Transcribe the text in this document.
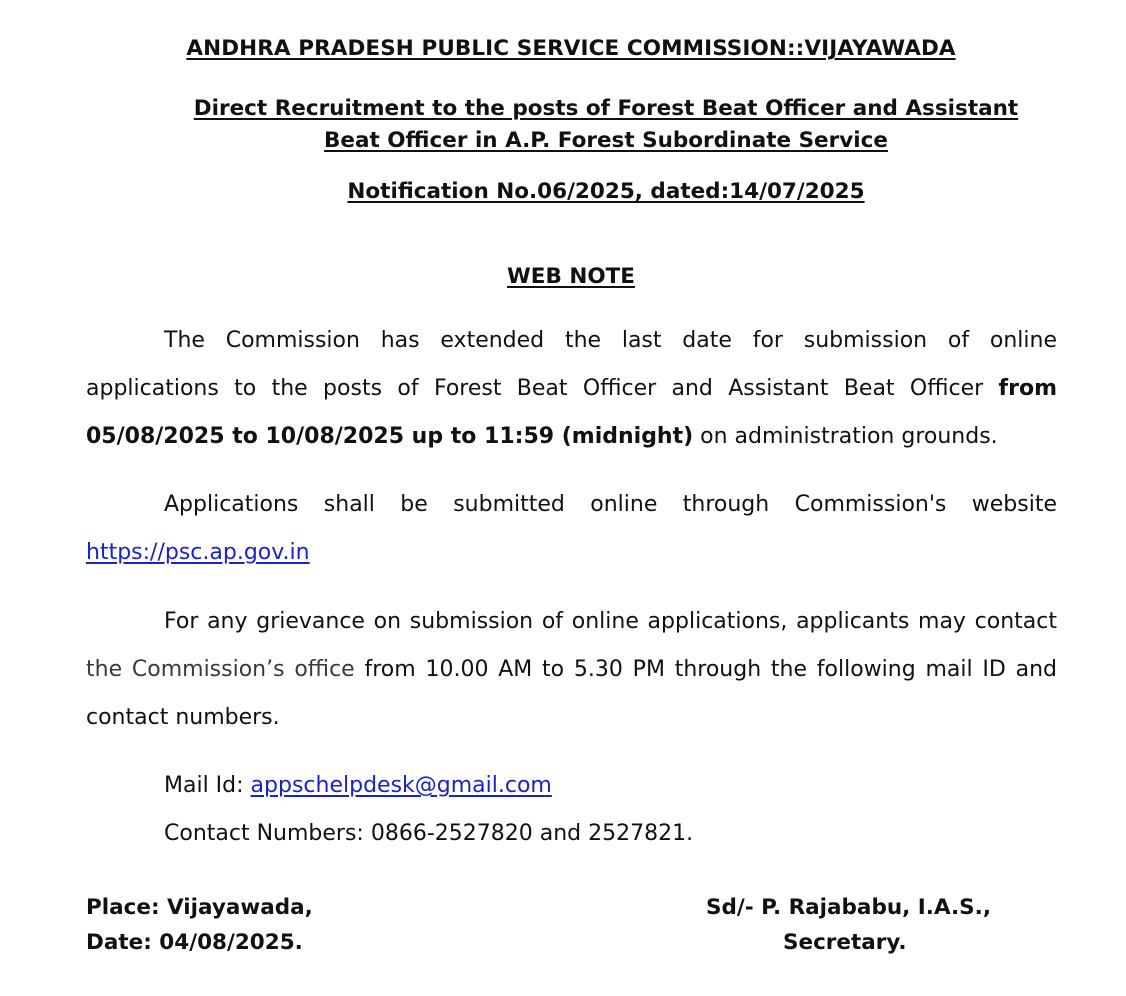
ANDHRA PRADESH PUBLIC SERVICE COMMISSION::VIJAYAWADA
Direct Recruitment to the posts of Forest Beat Officer and Assistant
Beat Officer in A.P. Forest Subordinate Service
Notification No.06/2025, dated:14/07/2025
WEB NOTE
The Commission has extended the last date for submission of online applications to the posts of Forest Beat Officer and Assistant Beat Officer from 05/08/2025 to 10/08/2025 up to 11:59 (midnight) on administration grounds.
Applications shall be submitted online through Commission's website https://psc.ap.gov.in
For any grievance on submission of online applications, applicants may contact the Commission’s office from 10.00 AM to 5.30 PM through the following mail ID and contact numbers.
Mail Id: appschelpdesk@gmail.com
Contact Numbers: 0866-2527820 and 2527821.
Place: Vijayawada,
Date: 04/08/2025.
Sd/- P. Rajababu, I.A.S.,
Secretary.
